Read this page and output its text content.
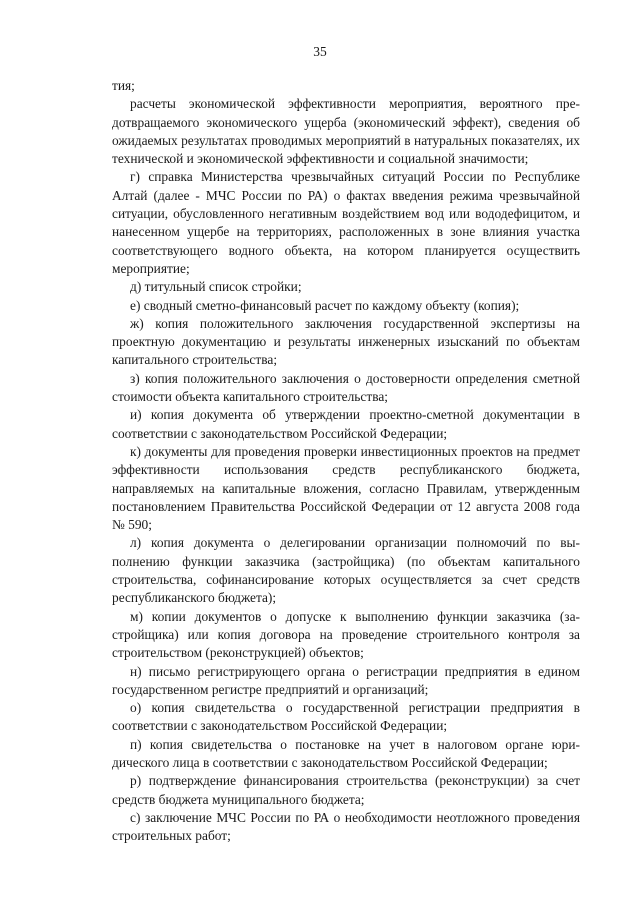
35

тия;

расчеты экономической эффективности мероприятия, вероятного предотвращаемого экономического ущерба (экономический эффект), сведения об ожидаемых результатах проводимых мероприятий в натуральных показателях, их технической и экономической эффективности и социальной значимости;

г) справка Министерства чрезвычайных ситуаций России по Республике Алтай (далее - МЧС России по РА) о фактах введения режима чрезвычайной ситуации, обусловленного негативным воздействием вод или вододефицитом, и нанесенном ущербе на территориях, расположенных в зоне влияния участка соответствующего водного объекта, на котором планируется осуществить мероприятие;

д) титульный список стройки;

е) сводный сметно-финансовый расчет по каждому объекту (копия);

ж) копия положительного заключения государственной экспертизы на проектную документацию и результаты инженерных изысканий по объектам капитального строительства;

з) копия положительного заключения о достоверности определения сметной стоимости объекта капитального строительства;

и) копия документа об утверждении проектно-сметной документации в соответствии с законодательством Российской Федерации;

к) документы для проведения проверки инвестиционных проектов на предмет эффективности использования средств республиканского бюджета, направляемых на капитальные вложения, согласно Правилам, утвержденным постановлением Правительства Российской Федерации от 12 августа 2008 года № 590;

л) копия документа о делегировании организации полномочий по выполнению функции заказчика (застройщика) (по объектам капитального строительства, софинансирование которых осуществляется за счет средств республиканского бюджета);

м) копии документов о допуске к выполнению функции заказчика (застройщика) или копия договора на проведение строительного контроля за строительством (реконструкцией) объектов;

н) письмо регистрирующего органа о регистрации предприятия в едином государственном регистре предприятий и организаций;

о) копия свидетельства о государственной регистрации предприятия в соответствии с законодательством Российской Федерации;

п) копия свидетельства о постановке на учет в налоговом органе юридического лица в соответствии с законодательством Российской Федерации;

р) подтверждение финансирования строительства (реконструкции) за счет средств бюджета муниципального бюджета;

с) заключение МЧС России по РА о необходимости неотложного проведения строительных работ;
